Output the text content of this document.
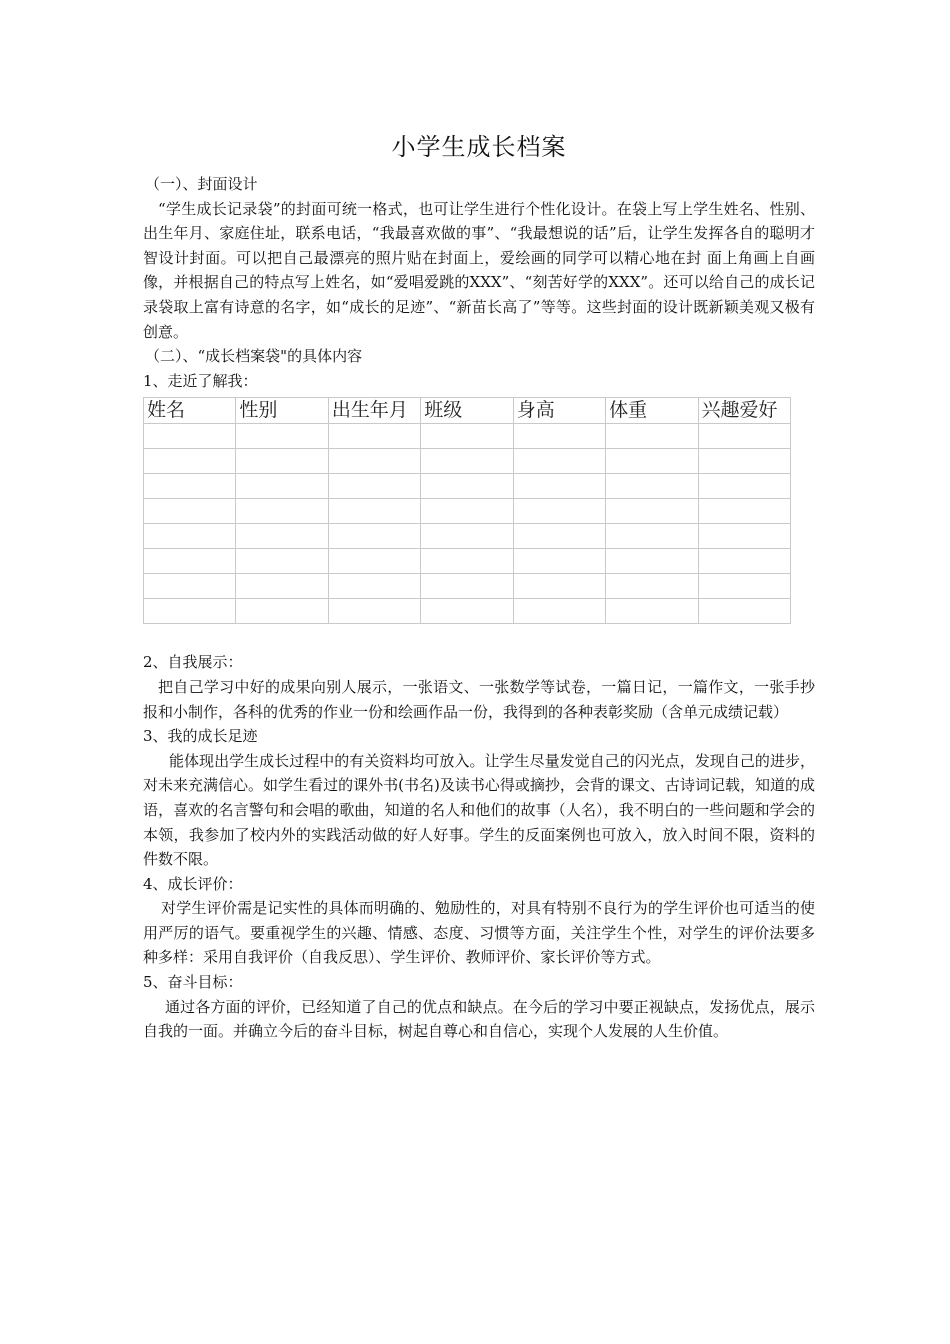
小学生成长档案

（一）、封面设计

“学生成长记录袋”的封面可统一格式，也可让学生进行个性化设计。在袋上写上学生姓名、性别、出生年月、家庭住址，联系电话，“我最喜欢做的事”、“我最想说的话”后，让学生发挥各自的聪明才智设计封面。可以把自己最漂亮的照片贴在封面上，爱绘画的同学可以精心地在封 面上角画上自画像，并根据自己的特点写上姓名，如“爱唱爱跳的XXX”、“刻苦好学的XXX”。还可以给自己的成长记录袋取上富有诗意的名字，如“成长的足迹”、“新苗长高了”等等。这些封面的设计既新颖美观又极有创意。

（二）、“成长档案袋"的具体内容

1、走近了解我：

姓名	性别	出生年月	班级	身高	体重	兴趣爱好

2、自我展示：

把自己学习中好的成果向别人展示，一张语文、一张数学等试卷，一篇日记，一篇作文，一张手抄报和小制作，各科的优秀的作业一份和绘画作品一份，我得到的各种表彰奖励（含单元成绩记载）

3、我的成长足迹

能体现出学生成长过程中的有关资料均可放入。让学生尽量发觉自己的闪光点，发现自己的进步，对未来充满信心。如学生看过的课外书(书名)及读书心得或摘抄，会背的课文、古诗词记载，知道的成语，喜欢的名言警句和会唱的歌曲，知道的名人和他们的故事（人名），我不明白的一些问题和学会的本领，我参加了校内外的实践活动做的好人好事。学生的反面案例也可放入，放入时间不限，资料的件数不限。

4、成长评价：

对学生评价需是记实性的具体而明确的、勉励性的，对具有特别不良行为的学生评价也可适当的使用严厉的语气。要重视学生的兴趣、情感、态度、习惯等方面，关注学生个性，对学生的评价法要多种多样：采用自我评价（自我反思）、学生评价、教师评价、家长评价等方式。

5、奋斗目标：

通过各方面的评价，已经知道了自己的优点和缺点。在今后的学习中要正视缺点，发扬优点，展示自我的一面。并确立今后的奋斗目标，树起自尊心和自信心，实现个人发展的人生价值。
